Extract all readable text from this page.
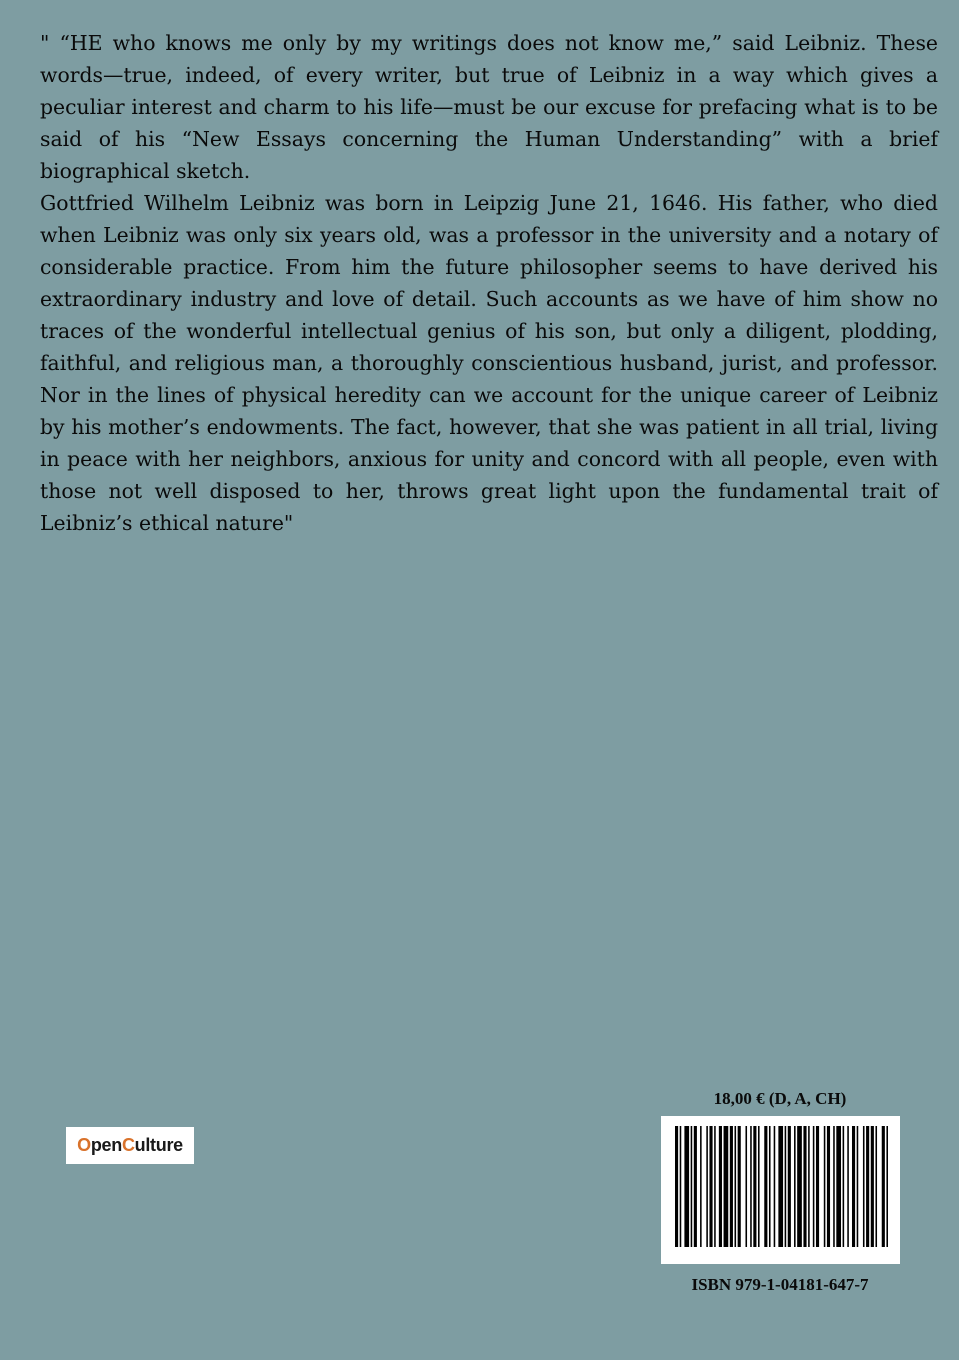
" “HE who knows me only by my writings does not know me,” said Leibniz. These words—true, indeed, of every writer, but true of Leibniz in a way which gives a peculiar interest and charm to his life—must be our excuse for prefacing what is to be said of his “New Essays concerning the Human Understanding” with a brief biographical sketch.

Gottfried Wilhelm Leibniz was born in Leipzig June 21, 1646. His father, who died when Leibniz was only six years old, was a professor in the university and a notary of considerable practice. From him the future philosopher seems to have derived his extraordinary industry and love of detail. Such accounts as we have of him show no traces of the wonderful intellectual genius of his son, but only a diligent, plodding, faithful, and religious man, a thoroughly conscientious husband, jurist, and professor. Nor in the lines of physical heredity can we account for the unique career of Leibniz by his mother’s endowments. The fact, however, that she was patient in all trial, living in peace with her neighbors, anxious for unity and concord with all people, even with those not well disposed to her, throws great light upon the fundamental trait of Leibniz’s ethical nature"

O pen C ulture
18,00 € (D, A, CH)
ISBN 979-1-04181-647-7
